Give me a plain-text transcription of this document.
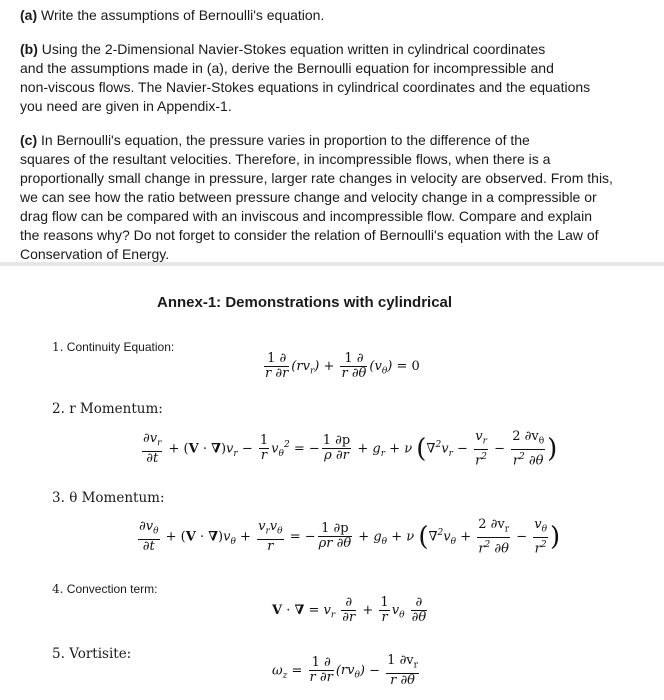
(a) Write the assumptions of Bernoulli's equation.
(b) Using the 2-Dimensional Navier-Stokes equation written in cylindrical coordinates
and the assumptions made in (a), derive the Bernoulli equation for incompressible and
non-viscous flows. The Navier-Stokes equations in cylindrical coordinates and the equations
you need are given in Appendix-1.
(c) In Bernoulli's equation, the pressure varies in proportion to the difference of the
squares of the resultant velocities. Therefore, in incompressible flows, when there is a
proportionally small change in pressure, larger rate changes in velocity are observed. From this,
we can see how the ratio between pressure change and velocity change in a compressible or
drag flow can be compared with an inviscous and incompressible flow. Compare and explain
the reasons why? Do not forget to consider the relation of Bernoulli's equation with the Law of
Conservation of Energy.
Annex-1: Demonstrations with cylindrical
1. Continuity Equation:
$\frac{1 \partial}{r \partial r} (rv_r) + \frac{1 \partial}{r \partial\theta} (v_\theta) = 0$
2. r Momentum:
$\frac{\partial v_r}{\partial t} + (V \cdot \nabla)v_r - \frac{1}{r} v_\theta^2$ = − $\frac{1 \partial p}{\rho \partial r} + g_r + \nu$ ($\nabla^2v_r - \frac{v_r}{r^2} - \frac{2 \partial v_\theta}{r^2 \partial\theta}$ )
3. θ Momentum:
$\frac{\partial v_\theta}{\partial t} + (V \cdot \nabla)v_\theta + \frac{v_rv_\theta}{r}$ = − $\frac{1 \partial p}{\rho r \partial\theta} + g_\theta + \nu$ ($\nabla^2v_\theta + \frac{2 \partial v_r}{r^2 \partial\theta} - \frac{v_\theta}{r^2}$ )
4. Convection term:
V · ∇ = $v_r \frac{\partial}{\partial r} + \frac{1}{r} v_\theta \frac{\partial}{\partial\theta}$
5. Vortisite:
$\omega_z = \frac{1 \partial}{r \partial r} (rv_\theta) - \frac{1 \partial v_r}{r \partial\theta}$
